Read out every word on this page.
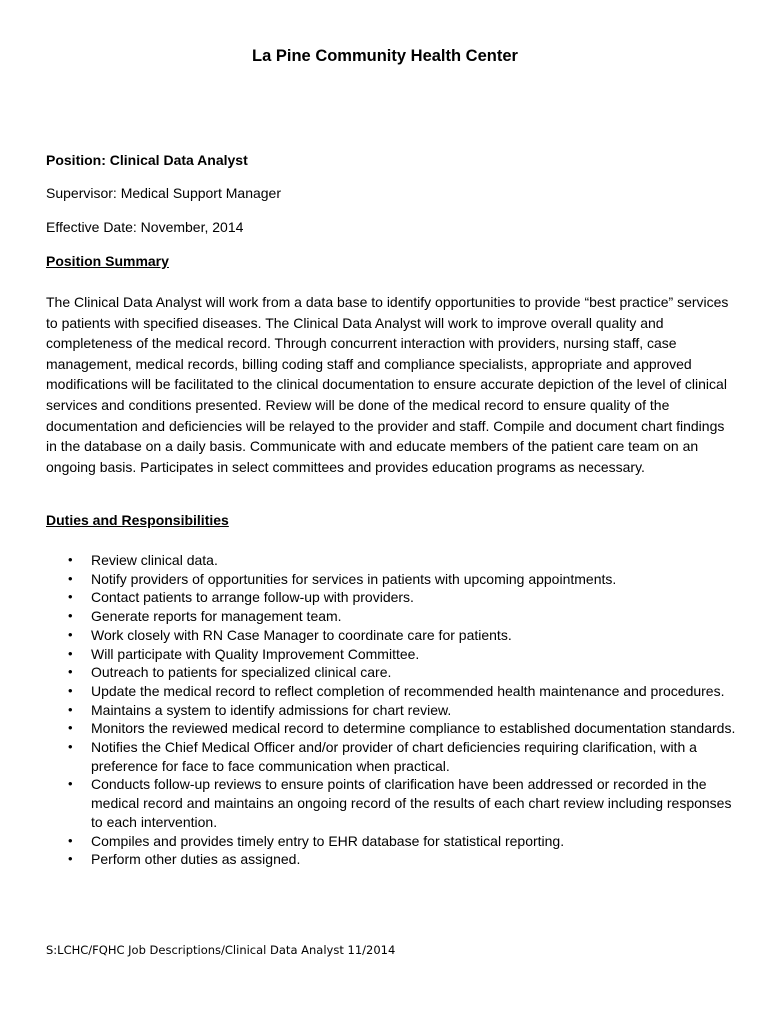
La Pine Community Health Center
Position: Clinical Data Analyst
Supervisor: Medical Support Manager
Effective Date: November, 2014
Position Summary

The Clinical Data Analyst will work from a data base to identify opportunities to provide “best practice” services to patients with specified diseases. The Clinical Data Analyst will work to improve overall quality and completeness of the medical record. Through concurrent interaction with providers, nursing staff, case management, medical records, billing coding staff and compliance specialists, appropriate and approved modifications will be facilitated to the clinical documentation to ensure accurate depiction of the level of clinical services and conditions presented. Review will be done of the medical record to ensure quality of the documentation and deficiencies will be relayed to the provider and staff. Compile and document chart findings in the database on a daily basis. Communicate with and educate members of the patient care team on an ongoing basis. Participates in select committees and provides education programs as necessary.

Duties and Responsibilities
• Review clinical data.
• Notify providers of opportunities for services in patients with upcoming appointments.
• Contact patients to arrange follow-up with providers.
• Generate reports for management team.
• Work closely with RN Case Manager to coordinate care for patients.
• Will participate with Quality Improvement Committee.
• Outreach to patients for specialized clinical care.
• Update the medical record to reflect completion of recommended health maintenance and procedures.
• Maintains a system to identify admissions for chart review.
• Monitors the reviewed medical record to determine compliance to established documentation standards.
• Notifies the Chief Medical Officer and/or provider of chart deficiencies requiring clarification, with a preference for face to face communication when practical.
• Conducts follow-up reviews to ensure points of clarification have been addressed or recorded in the medical record and maintains an ongoing record of the results of each chart review including responses to each intervention.
• Compiles and provides timely entry to EHR database for statistical reporting.
• Perform other duties as assigned.
S:LCHC/FQHC Job Descriptions/Clinical Data Analyst 11/2014
